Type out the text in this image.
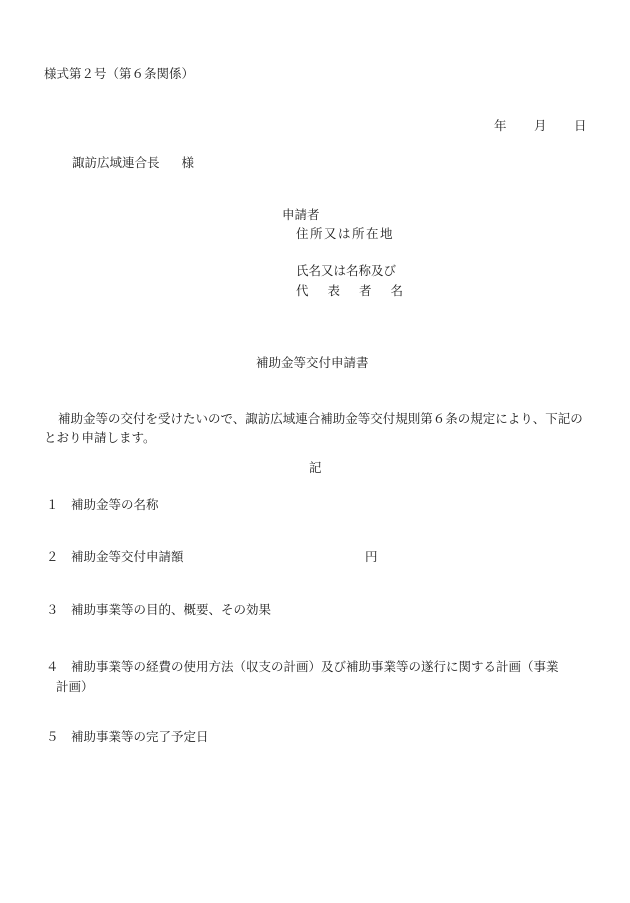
様式第２号（第６条関係）
年 月 日
諏訪広域連合長 様
申請者
住所又は所在地
氏名又は名称及び
代表者名
補助金等交付申請書
補助金等の交付を受けたいので、諏訪広域連合補助金等交付規則第６条の規定により、下記のとおり申請します。
記
１ 補助金等の名称
２ 補助金等交付申請額	円
３ 補助事業等の目的、概要、その効果
４ 補助事業等の経費の使用方法（収支の計画）及び補助事業等の遂行に関する計画（事業
計画）
５ 補助事業等の完了予定日
